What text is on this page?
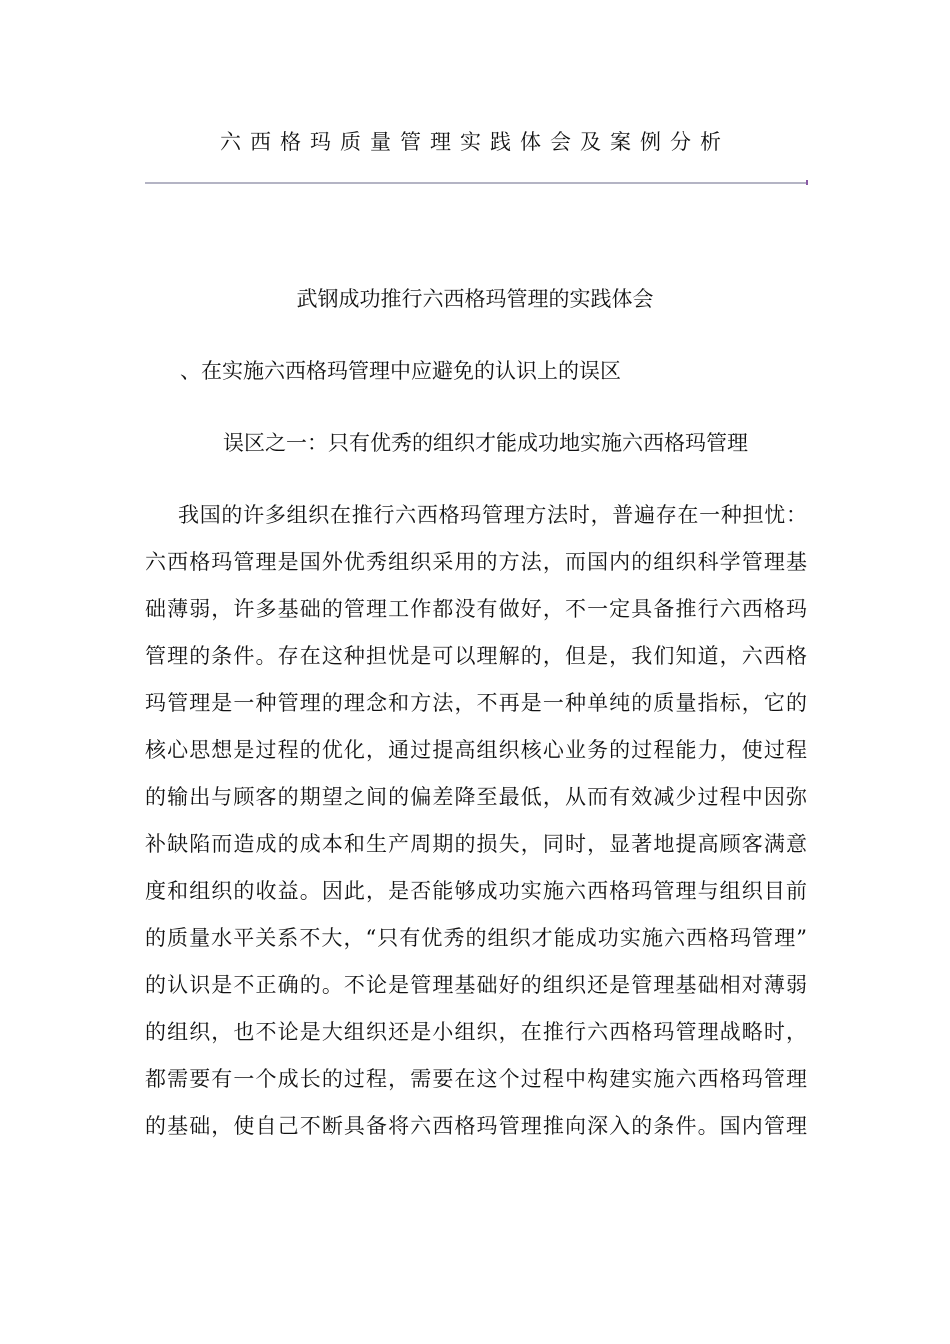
六西格玛质量管理实践体会及案例分析
武钢成功推行六西格玛管理的实践体会
、在实施六西格玛管理中应避免的认识上的误区
误区之一：只有优秀的组织才能成功地实施六西格玛管理
我国的许多组织在推行六西格玛管理方法时，普遍存在一种担忧：
六西格玛管理是国外优秀组织采用的方法，而国内的组织科学管理基
础薄弱，许多基础的管理工作都没有做好，不一定具备推行六西格玛
管理的条件。存在这种担忧是可以理解的，但是，我们知道，六西格
玛管理是一种管理的理念和方法，不再是一种单纯的质量指标，它的
核心思想是过程的优化，通过提高组织核心业务的过程能力，使过程
的输出与顾客的期望之间的偏差降至最低，从而有效减少过程中因弥
补缺陷而造成的成本和生产周期的损失，同时，显著地提高顾客满意
度和组织的收益。因此，是否能够成功实施六西格玛管理与组织目前
的质量水平关系不大，“只有优秀的组织才能成功实施六西格玛管理”
的认识是不正确的。不论是管理基础好的组织还是管理基础相对薄弱
的组织，也不论是大组织还是小组织，在推行六西格玛管理战略时，
都需要有一个成长的过程，需要在这个过程中构建实施六西格玛管理
的基础，使自己不断具备将六西格玛管理推向深入的条件。国内管理
